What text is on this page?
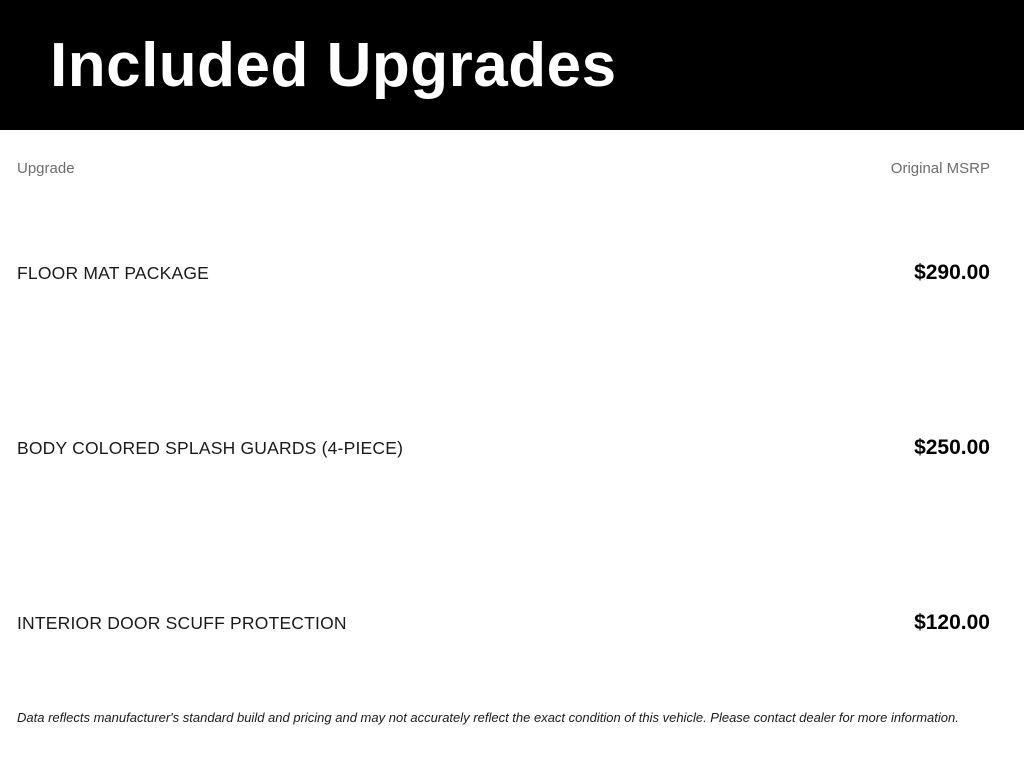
Included Upgrades
Upgrade	Original MSRP
FLOOR MAT PACKAGE	$290.00
BODY COLORED SPLASH GUARDS (4-PIECE)	$250.00
INTERIOR DOOR SCUFF PROTECTION	$120.00
Data reflects manufacturer's standard build and pricing and may not accurately reflect the exact condition of this vehicle. Please contact dealer for more information.
